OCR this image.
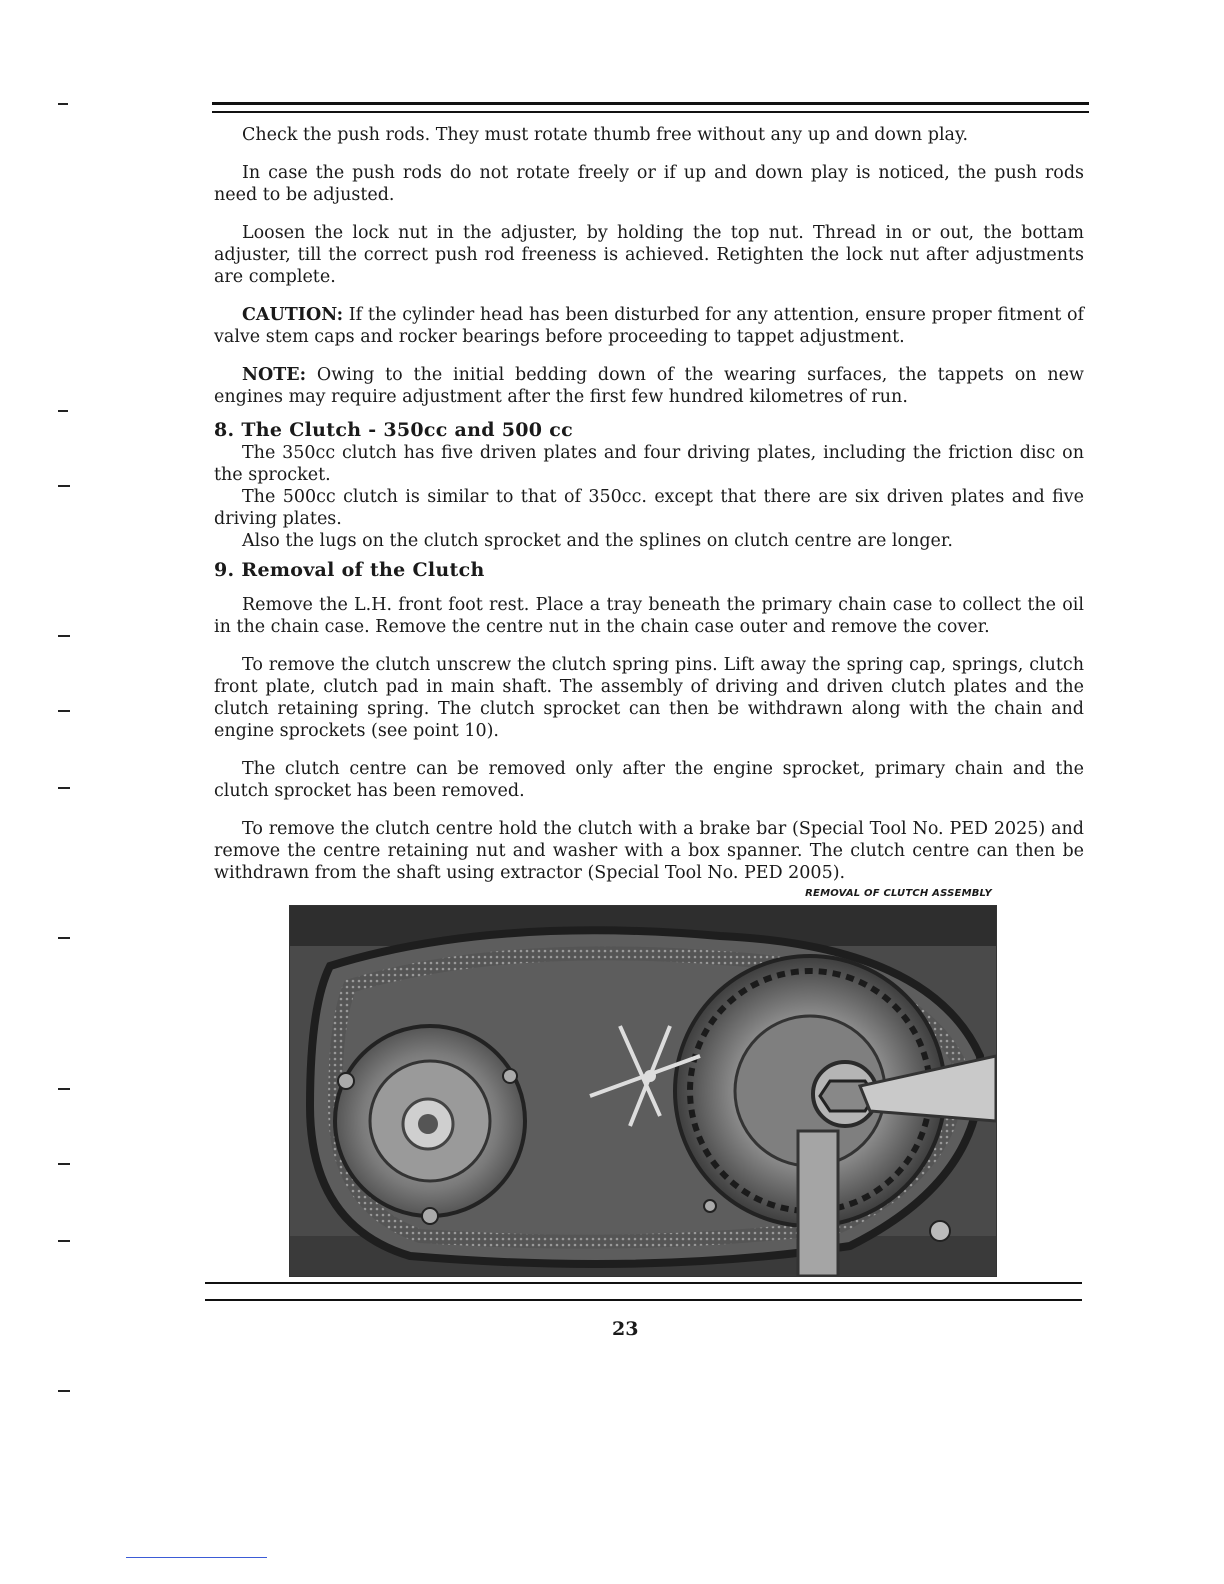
Check the push rods. They must rotate thumb free without any up and down play.

In case the push rods do not rotate freely or if up and down play is noticed, the push rods need to be adjusted.

Loosen the lock nut in the adjuster, by holding the top nut. Thread in or out, the bottam adjuster, till the correct push rod freeness is achieved. Retighten the lock nut after adjustments are complete.

CAUTION: If the cylinder head has been disturbed for any attention, ensure proper fitment of valve stem caps and rocker bearings before proceeding to tappet adjustment.

NOTE: Owing to the initial bedding down of the wearing surfaces, the tappets on new engines may require adjustment after the first few hundred kilometres of run.

8. The Clutch - 350cc and 500 cc

The 350cc clutch has five driven plates and four driving plates, including the friction disc on the sprocket.

The 500cc clutch is similar to that of 350cc. except that there are six driven plates and five driving plates.

Also the lugs on the clutch sprocket and the splines on clutch centre are longer.

9. Removal of the Clutch

Remove the L.H. front foot rest. Place a tray beneath the primary chain case to collect the oil in the chain case. Remove the centre nut in the chain case outer and remove the cover.

To remove the clutch unscrew the clutch spring pins. Lift away the spring cap, springs, clutch front plate, clutch pad in main shaft. The assembly of driving and driven clutch plates and the clutch retaining spring. The clutch sprocket can then be withdrawn along with the chain and engine sprockets (see point 10).

The clutch centre can be removed only after the engine sprocket, primary chain and the clutch sprocket has been removed.

To remove the clutch centre hold the clutch with a brake bar (Special Tool No. PED 2025) and remove the centre retaining nut and washer with a box spanner. The clutch centre can then be withdrawn from the shaft using extractor (Special Tool No. PED 2005).

REMOVAL OF CLUTCH ASSEMBLY
23
